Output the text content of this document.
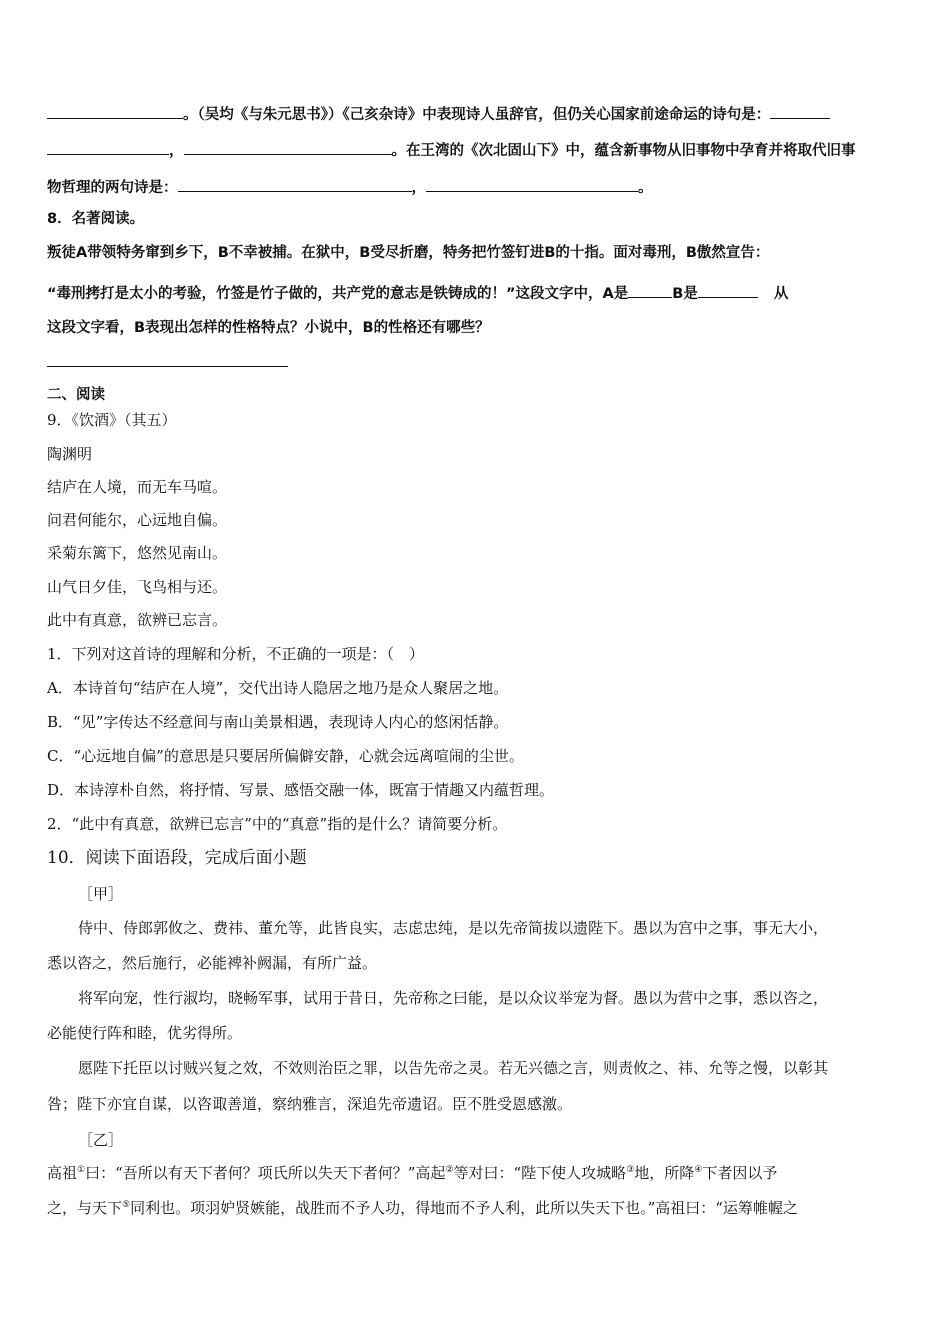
。（吴均《与朱元思书》）《己亥杂诗》中表现诗人虽辞官，但仍关心国家前途命运的诗句是：
，	。在王湾的《次北固山下》中，蕴含新事物从旧事物中孕育并将取代旧事
物哲理的两句诗是：	，	。
8．名著阅读。
叛徒A带领特务窜到乡下，B不幸被捕。在狱中，B受尽折磨，特务把竹签钉进B的十指。面对毒刑，B傲然宣告：
“毒刑拷打是太小的考验，竹签是竹子做的，共产党的意志是铁铸成的！”这段文字中，A是	B是	从
这段文字看，B表现出怎样的性格特点？小说中，B的性格还有哪些？
二、阅读
9．《饮酒》（其五）
陶渊明
结庐在人境，而无车马喧。
问君何能尔，心远地自偏。
采菊东篱下，悠然见南山。
山气日夕佳，飞鸟相与还。
此中有真意，欲辨已忘言。
1．下列对这首诗的理解和分析，不正确的一项是：（　）
A．本诗首句“结庐在人境”，交代出诗人隐居之地乃是众人聚居之地。
B．“见”字传达不经意间与南山美景相遇，表现诗人内心的悠闲恬静。
C．“心远地自偏”的意思是只要居所偏僻安静，心就会远离喧闹的尘世。
D．本诗淳朴自然，将抒情、写景、感悟交融一体，既富于情趣又内蕴哲理。
2．“此中有真意，欲辨已忘言”中的“真意”指的是什么？请简要分析。
10．阅读下面语段，完成后面小题
［甲］
侍中、侍郎郭攸之、费祎、董允等，此皆良实，志虑忠纯，是以先帝简拔以遗陛下。愚以为宫中之事，事无大小，
悉以咨之，然后施行，必能裨补阙漏，有所广益。
将军向宠，性行淑均，晓畅军事，试用于昔日，先帝称之曰能，是以众议举宠为督。愚以为营中之事，悉以咨之，
必能使行阵和睦，优劣得所。
愿陛下托臣以讨贼兴复之效，不效则治臣之罪，以告先帝之灵。若无兴德之言，则责攸之、祎、允等之慢，以彰其
咎；陛下亦宜自谋，以咨诹善道，察纳雅言，深追先帝遗诏。臣不胜受恩感激。
［乙］
高祖①曰：“吾所以有天下者何？项氏所以失天下者何？”高起②等对曰：“陛下使人攻城略③地，所降④下者因以予
之，与天下⑤同利也。项羽妒贤嫉能，战胜而不予人功，得地而不予人利，此所以失天下也。”高祖曰：“运筹帷幄之
